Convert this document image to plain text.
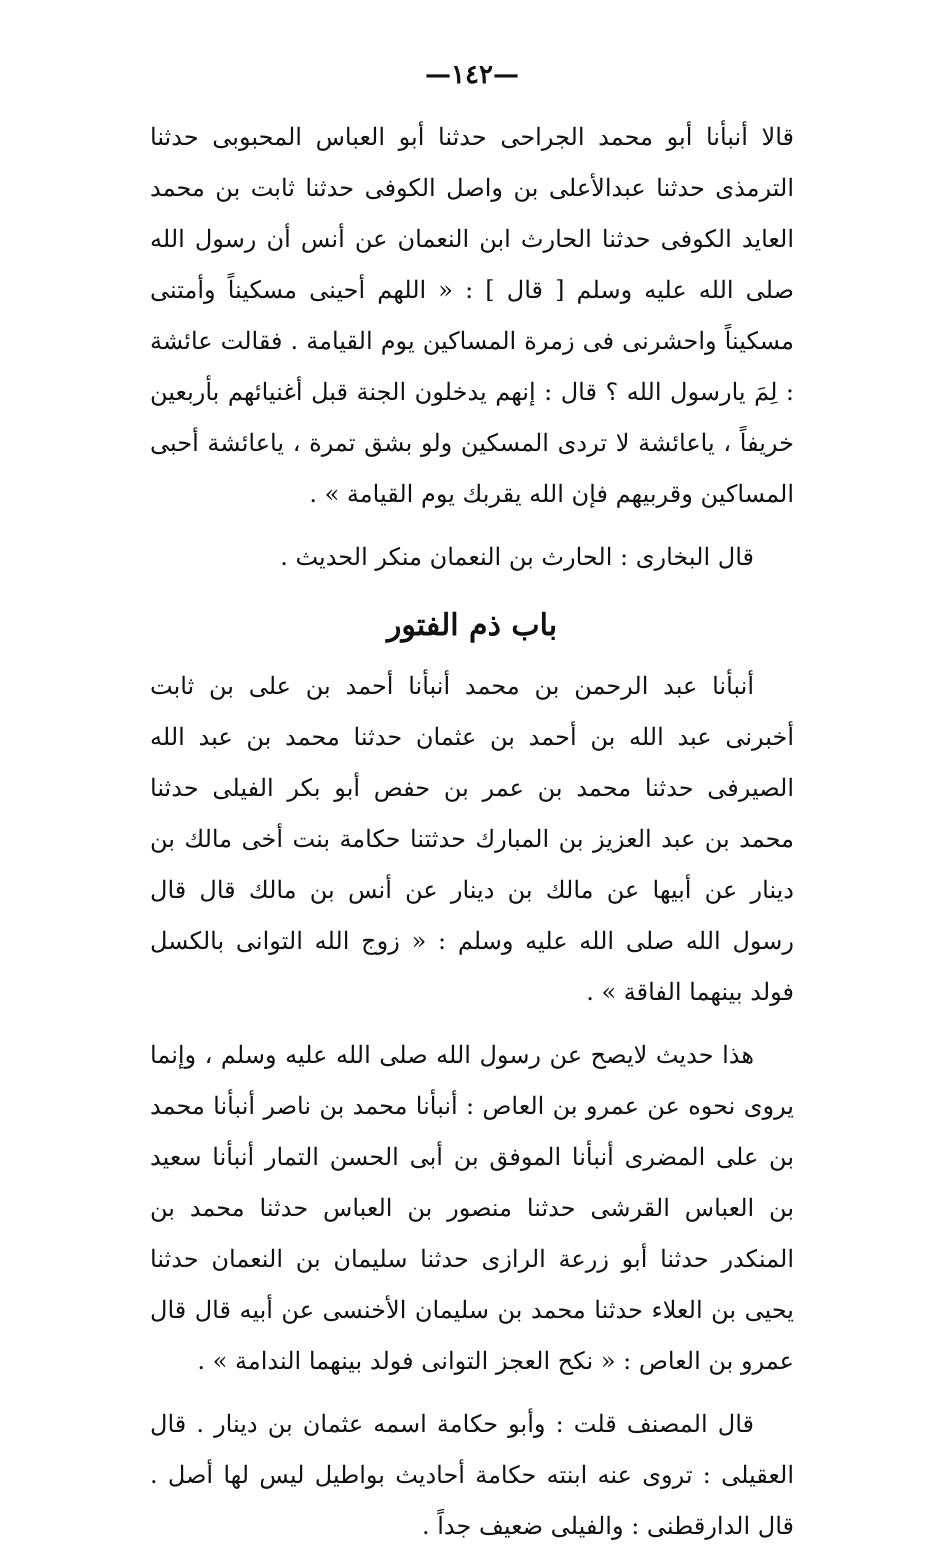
—١٤٢—

قالا أنبأنا أبو محمد الجراحى حدثنا أبو العباس المحبوبى حدثنا الترمذى حدثنا عبدالأعلى بن واصل الكوفى حدثنا ثابت بن محمد العايد الكوفى حدثنا الحارث ابن النعمان عن أنس أن رسول الله صلى الله عليه وسلم [ قال ] : « اللهم أحينى مسكيناً وأمتنى مسكيناً واحشرنى فى زمرة المساكين يوم القيامة . فقالت عائشة : لِمَ يارسول الله ؟ قال : إنهم يدخلون الجنة قبل أغنيائهم بأربعين خريفاً ، ياعائشة لا تردى المسكين ولو بشق تمرة ، ياعائشة أحبى المساكين وقربيهم فإن الله يقربك يوم القيامة » .

قال البخارى : الحارث بن النعمان منكر الحديث .

باب ذم الفتور

أنبأنا عبد الرحمن بن محمد أنبأنا أحمد بن على بن ثابت أخبرنى عبد الله بن أحمد بن عثمان حدثنا محمد بن عبد الله الصيرفى حدثنا محمد بن عمر بن حفص أبو بكر الفيلى حدثنا محمد بن عبد العزيز بن المبارك حدثتنا حكامة بنت أخى مالك بن دينار عن أبيها عن مالك بن دينار عن أنس بن مالك قال قال رسول الله صلى الله عليه وسلم : « زوج الله التوانى بالكسل فولد بينهما الفاقة » .

هذا حديث لايصح عن رسول الله صلى الله عليه وسلم ، وإنما يروى نحوه عن عمرو بن العاص : أنبأنا محمد بن ناصر أنبأنا محمد بن على المضرى أنبأنا الموفق بن أبى الحسن التمار أنبأنا سعيد بن العباس القرشى حدثنا منصور بن العباس حدثنا محمد بن المنكدر حدثنا أبو زرعة الرازى حدثنا سليمان بن النعمان حدثنا يحيى بن العلاء حدثنا محمد بن سليمان الأخنسى عن أبيه قال قال عمرو بن العاص : « نكح العجز التوانى فولد بينهما الندامة » .

قال المصنف قلت : وأبو حكامة اسمه عثمان بن دينار . قال العقيلى : تروى عنه ابنته حكامة أحاديث بواطيل ليس لها أصل . قال الدارقطنى : والفيلى ضعيف جداً .
